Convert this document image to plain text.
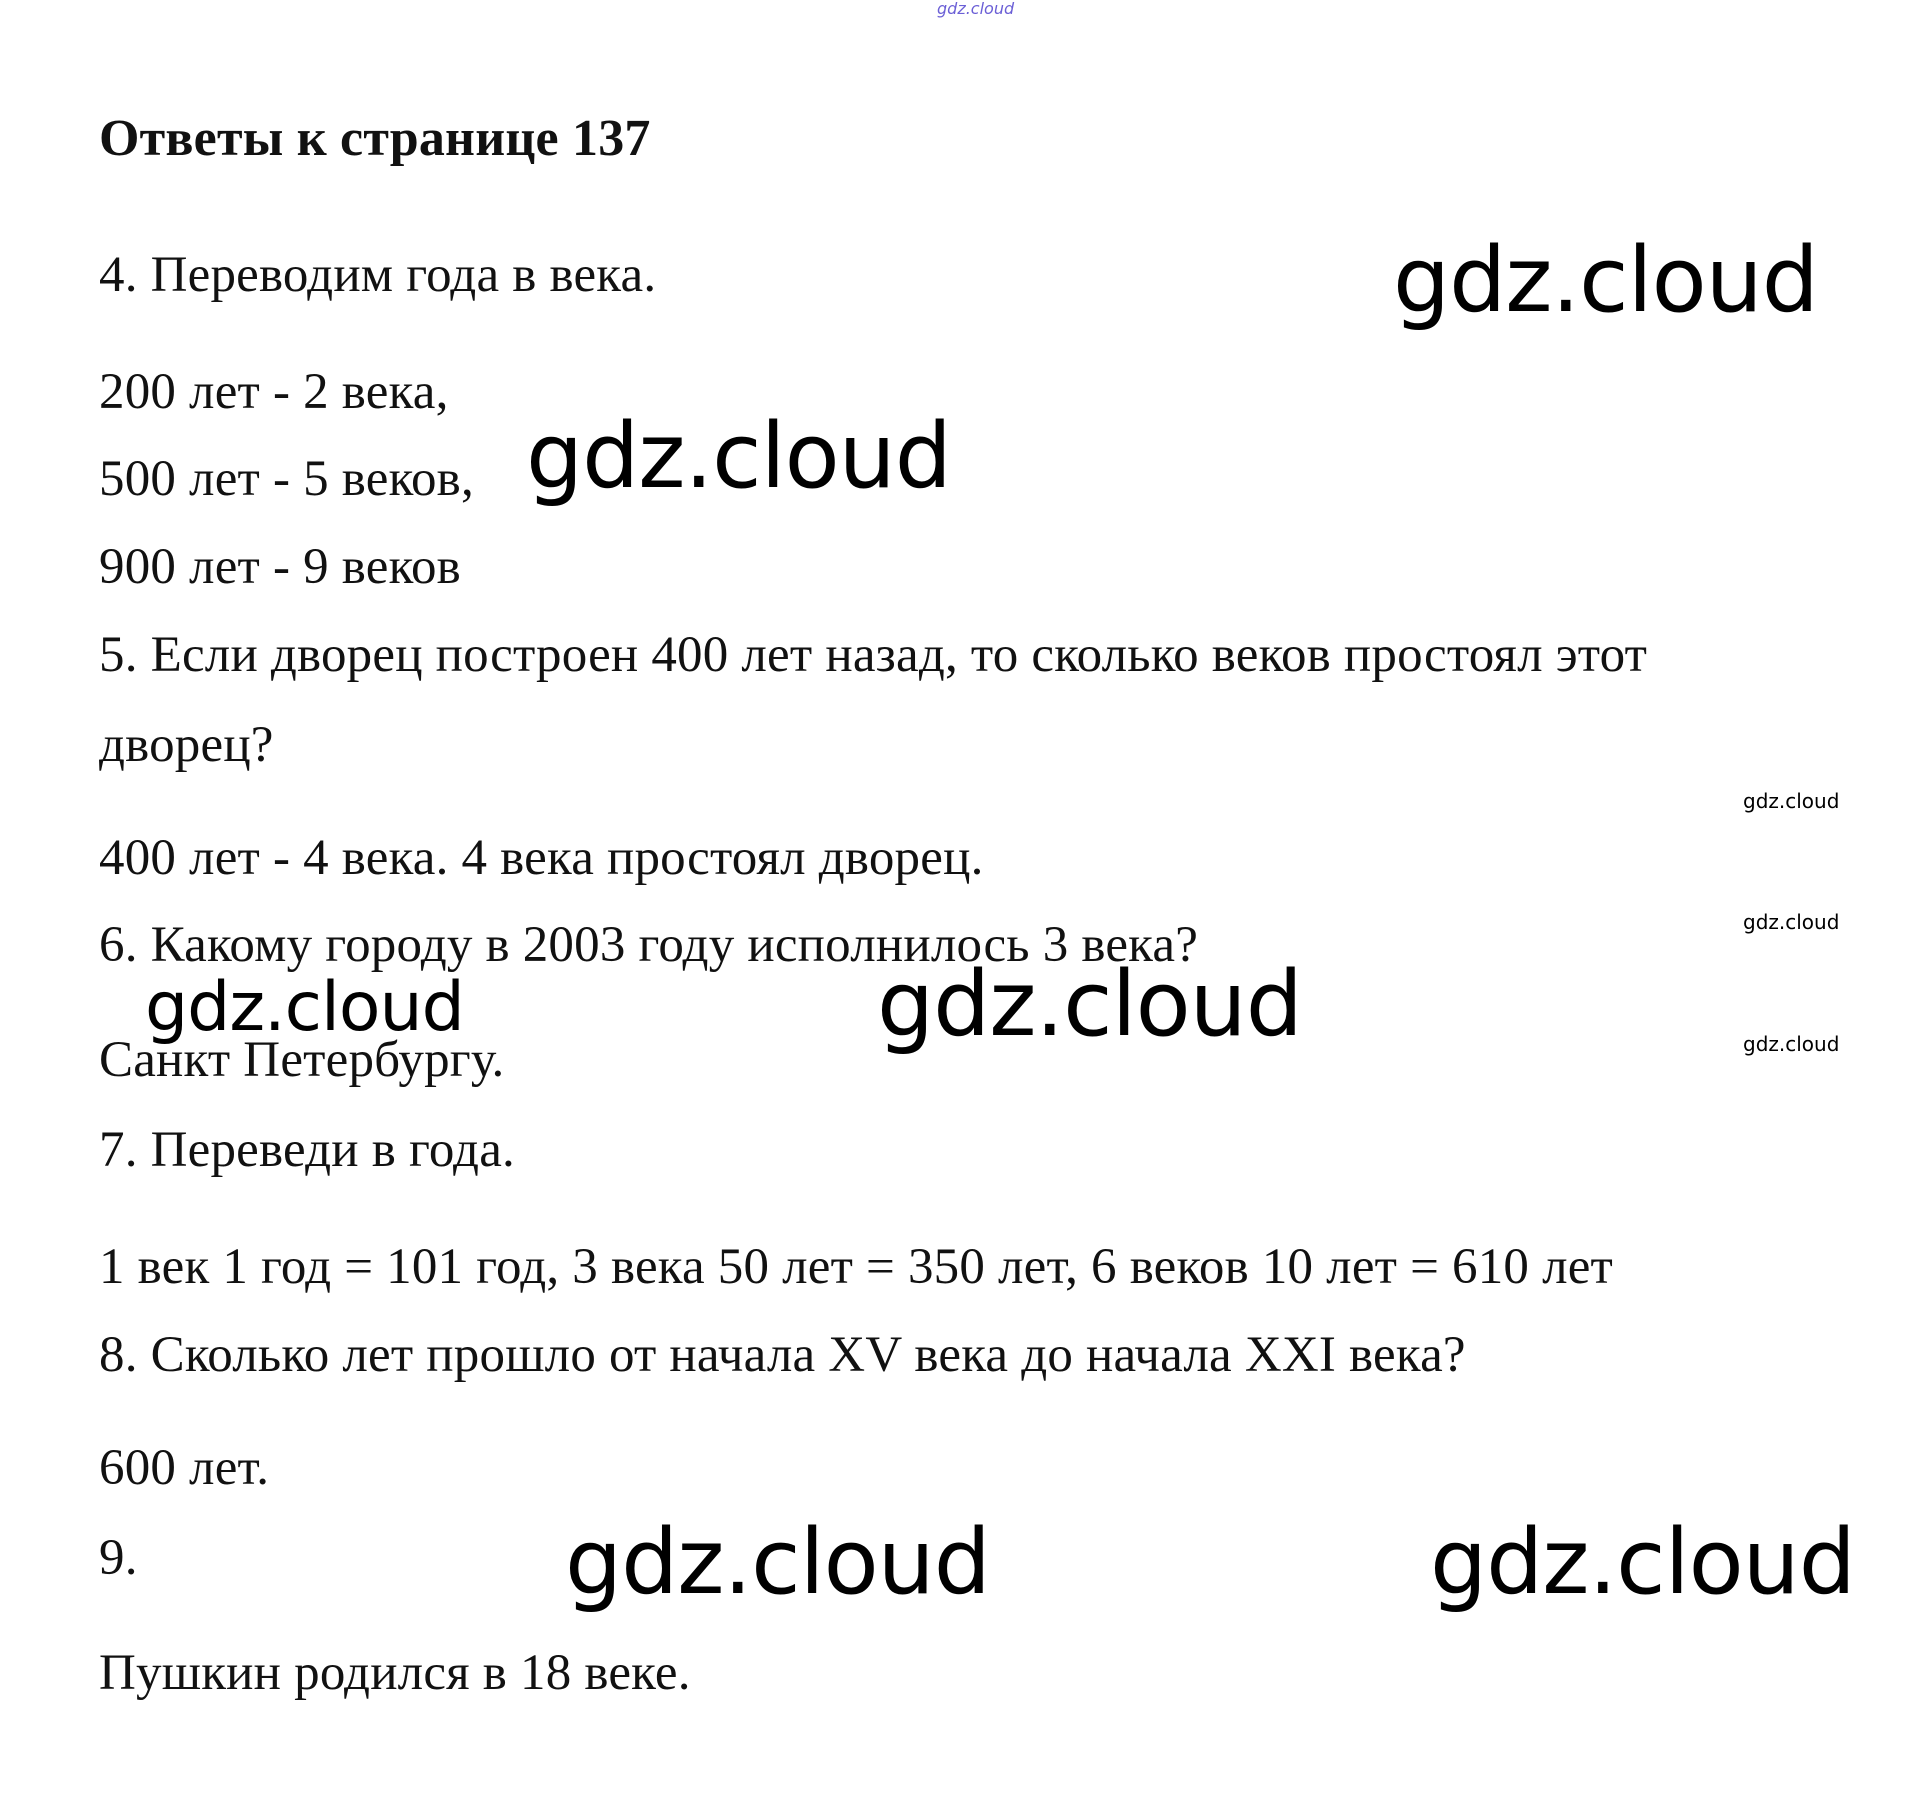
gdz.cloud
Ответы к странице 137
4. Переводим года в века.
200 лет - 2 века,
500 лет - 5 веков,
900 лет - 9 веков
5. Если дворец построен 400 лет назад, то сколько веков простоял этот
дворец?
400 лет - 4 века. 4 века простоял дворец.
6. Какому городу в 2003 году исполнилось 3 века?
Санкт Петербургу.
7. Переведи в года.
1 век 1 год = 101 год, 3 века 50 лет = 350 лет, 6 веков 10 лет = 610 лет
8. Сколько лет прошло от начала XV века до начала XXI века?
600 лет.
9.
Пушкин родился в 18 веке.
gdz.cloud
gdz.cloud
gdz.cloud
gdz.cloud
gdz.cloud
gdz.cloud	gdz.cloud
gdz.cloud	gdz.cloud
